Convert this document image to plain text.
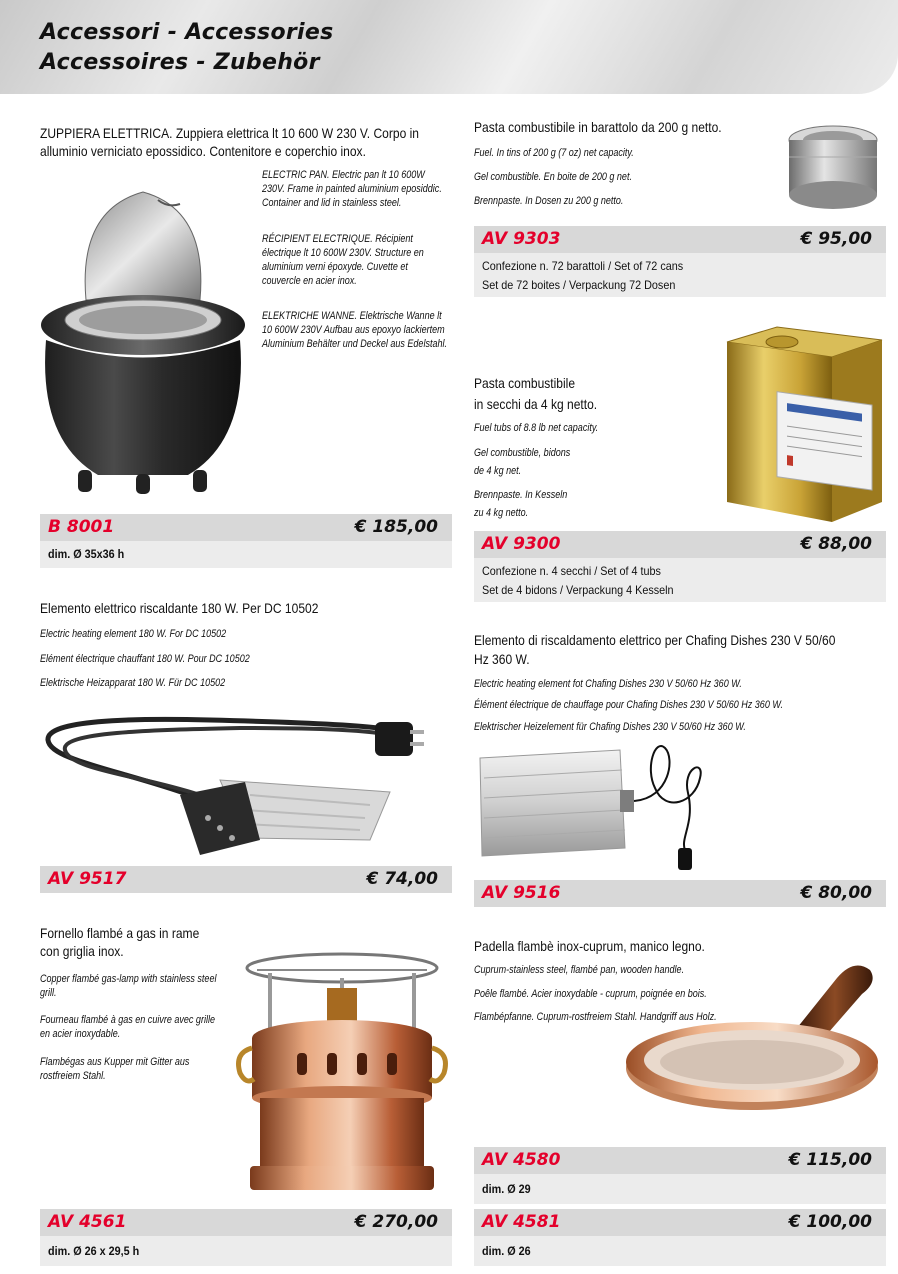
Accessori - Accessories
Accessoires - Zubehör
ZUPPIERA ELETTRICA. Zuppiera elettrica lt 10 600 W 230 V. Corpo in alluminio verniciato epossidico. Contenitore e coperchio inox.
ELECTRIC PAN. Electric pan lt 10 600W 230V. Frame in painted aluminium eposiddic. Container and lid in stainless steel.
RÉCIPIENT ELECTRIQUE. Récipient électrique lt 10 600W 230V. Structure en aluminium verni époxyde. Cuvette et couvercle en acier inox.
ELEKTRICHE WANNE. Elektrische Wanne lt 10 600W 230V Aufbau aus epoxyo lackiertem Aluminium Behälter und Deckel aus Edelstahl.
B 8001	€ 185,00
dim. Ø 35x36 h
Elemento elettrico riscaldante 180 W. Per DC 10502
Electric heating element 180 W. For DC 10502
Elément électrique chauffant 180 W. Pour DC 10502
Elektrische Heizapparat 180 W. Für DC 10502
AV 9517	€ 74,00
Fornello flambé a gas in rame
con griglia inox.
Copper flambé gas-lamp with stainless steel grill.
Fourneau flambé à gas en cuivre avec grille en acier inoxydable.
Flambégas aus Kupper mit Gitter aus rostfreiem Stahl.
AV 4561	€ 270,00
dim. Ø 26 x 29,5 h
Pasta combustibile in barattolo da 200 g netto.
Fuel. In tins of 200 g (7 oz) net capacity.
Gel combustible. En boite de 200 g net.
Brennpaste. In Dosen zu 200 g netto.
AV 9303	€ 95,00
Confezione n. 72 barattoli / Set of 72 cans
Set de 72 boites / Verpackung 72 Dosen
Pasta combustibile
in secchi da 4 kg netto.
Fuel tubs of 8.8 lb net capacity.
Gel combustible, bidons
de 4 kg net.
Brennpaste. In Kesseln
zu 4 kg netto.
AV 9300	€ 88,00
Confezione n. 4 secchi / Set of 4 tubs
Set de 4 bidons / Verpackung 4 Kesseln
Elemento di riscaldamento elettrico per Chafing Dishes 230 V 50/60
Hz 360 W.
Electric heating element fot Chafing Dishes 230 V 50/60 Hz 360 W.
Élément électrique de chauffage pour Chafing Dishes 230 V 50/60 Hz 360 W.
Elektrischer Heizelement für Chafing Dishes 230 V 50/60 Hz 360 W.
AV 9516	€ 80,00
Padella flambè inox-cuprum, manico legno.
Cuprum-stainless steel, flambé pan, wooden handle.
Poêle flambé. Acier inoxydable - cuprum, poignée en bois.
Flambépfanne. Cuprum-rostfreiem Stahl. Handgriff aus Holz.
AV 4580	€ 115,00
dim. Ø 29
AV 4581	€ 100,00
dim. Ø 26
